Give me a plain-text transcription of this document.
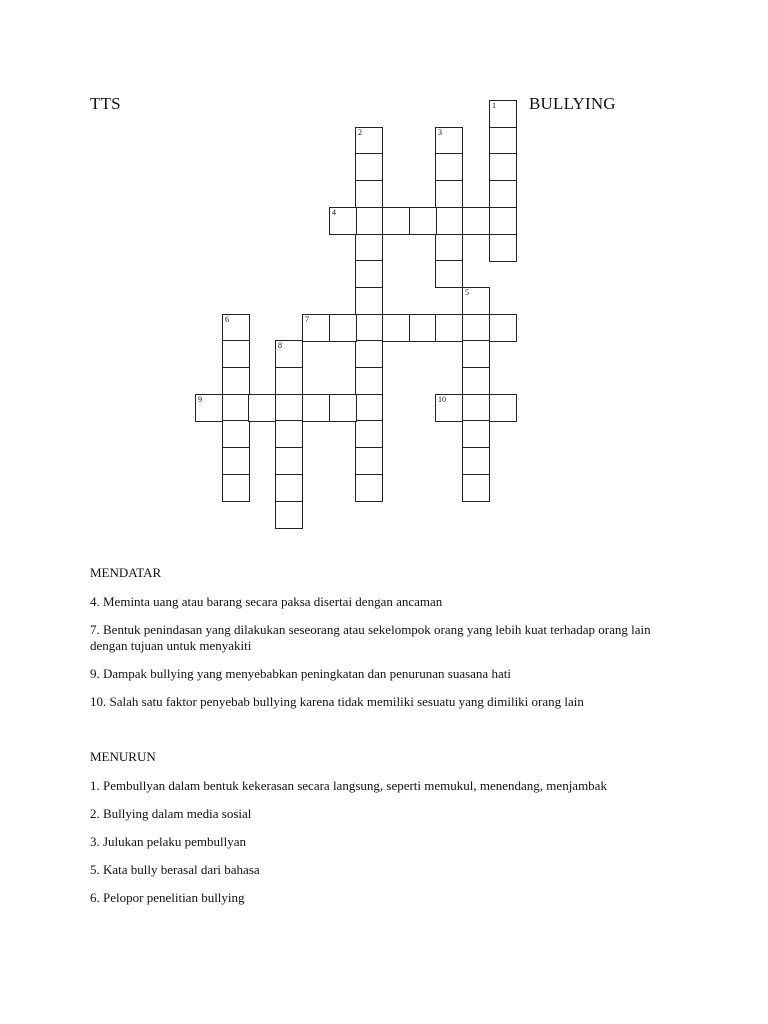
TTS	BULLYING
1
2	3
4
5
6	7
8
9	10
MENDATAR
4. Meminta uang atau barang secara paksa disertai dengan ancaman
7. Bentuk penindasan yang dilakukan seseorang atau sekelompok orang yang lebih kuat terhadap orang lain dengan tujuan untuk menyakiti
9. Dampak bullying yang menyebabkan peningkatan dan penurunan suasana hati
10. Salah satu faktor penyebab bullying karena tidak memiliki sesuatu yang dimiliki orang lain
MENURUN
1. Pembullyan dalam bentuk kekerasan secara langsung, seperti memukul, menendang, menjambak
2. Bullying dalam media sosial
3. Julukan pelaku pembullyan
5. Kata bully berasal dari bahasa
6. Pelopor penelitian bullying
